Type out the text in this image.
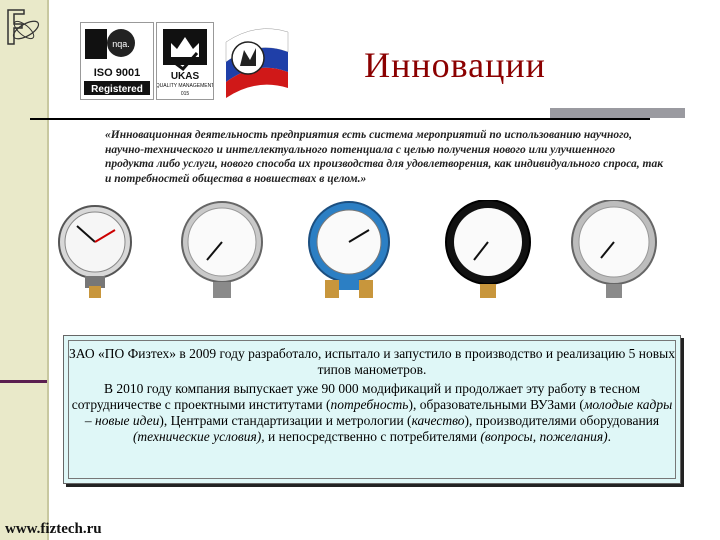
nqa.
ISO 9001
Registered
UKAS
QUALITY MANAGEMENT
015
Инновации
«Инновационная деятельность предприятия есть система мероприятий по использованию научного, научно-технического и интеллектуального потенциала с целью получения нового или улучшенного продукта либо услуги, нового способа их производства для удовлетворения, как индивидуального спроса, так и потребностей общества в новшествах в целом.»

ЗАО «ПО Физтех» в 2009 году разработало, испытало и запустило в производство и реализацию 5 новых типов манометров.

В 2010 году компания выпускает уже 90 000 модификаций и продолжает эту работу в тесном сотрудничестве с проектными институтами (потребность), образовательными ВУЗами (молодые кадры – новые идеи), Центрами стандартизации и метрологии (качество), производителями оборудования (технические условия), и непосредственно с потребителями (вопросы, пожелания).

www.fiztech.ru
